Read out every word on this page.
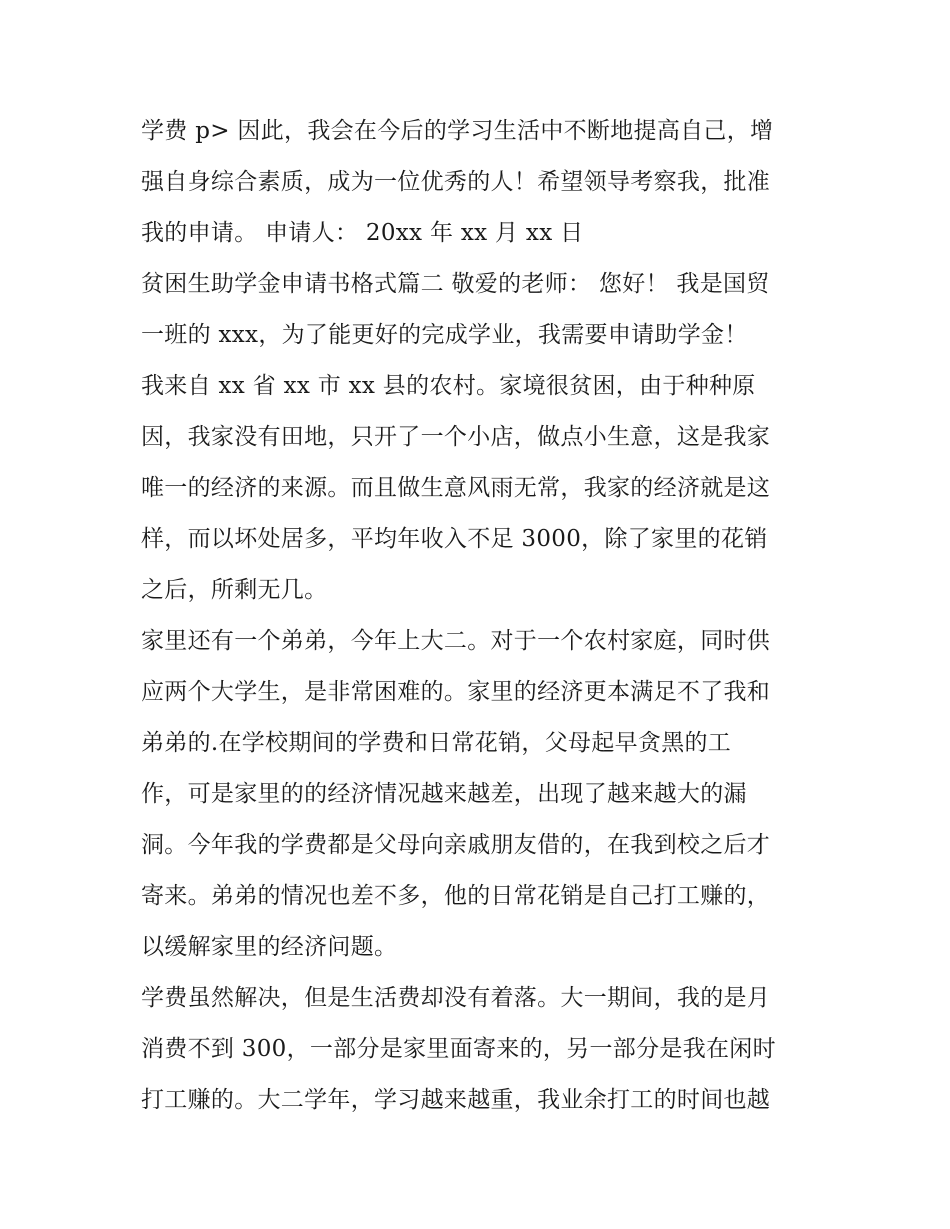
学费 p> 因此，我会在今后的学习生活中不断地提高自己，增
强自身综合素质，成为一位优秀的人！希望领导考察我，批准
我的申请。 申请人： 20xx 年 xx 月 xx 日
贫困生助学金申请书格式篇二 敬爱的老师： 您好！ 我是国贸
一班的 xxx，为了能更好的完成学业，我需要申请助学金！
我来自 xx 省 xx 市 xx 县的农村。家境很贫困，由于种种原
因，我家没有田地，只开了一个小店，做点小生意，这是我家
唯一的经济的来源。而且做生意风雨无常，我家的经济就是这
样，而以坏处居多，平均年收入不足 3000，除了家里的花销
之后，所剩无几。
家里还有一个弟弟，今年上大二。对于一个农村家庭，同时供
应两个大学生，是非常困难的。家里的经济更本满足不了我和
弟弟的.在学校期间的学费和日常花销，父母起早贪黑的工
作，可是家里的的经济情况越来越差，出现了越来越大的漏
洞。今年我的学费都是父母向亲戚朋友借的，在我到校之后才
寄来。弟弟的情况也差不多，他的日常花销是自己打工赚的，
以缓解家里的经济问题。
学费虽然解决，但是生活费却没有着落。大一期间，我的是月
消费不到 300，一部分是家里面寄来的，另一部分是我在闲时
打工赚的。大二学年，学习越来越重，我业余打工的时间也越
